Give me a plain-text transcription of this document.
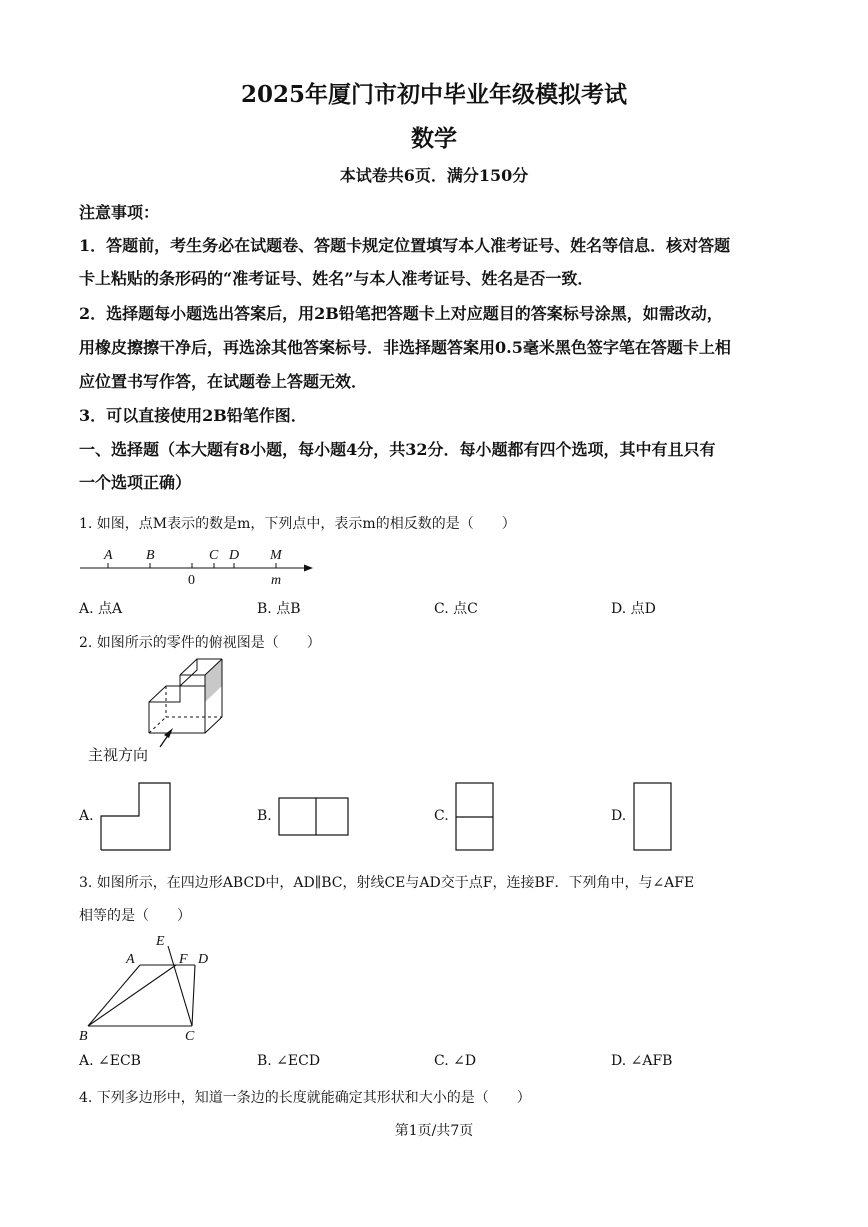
2025年厦门市初中毕业年级模拟考试
数学
本试卷共6页．满分150分
注意事项：
1．答题前，考生务必在试题卷、答题卡规定位置填写本人准考证号、姓名等信息．核对答题
卡上粘贴的条形码的“准考证号、姓名”与本人准考证号、姓名是否一致．
2．选择题每小题选出答案后，用2B铅笔把答题卡上对应题目的答案标号涂黑，如需改动，
用橡皮擦擦干净后，再选涂其他答案标号．非选择题答案用0.5毫米黑色签字笔在答题卡上相
应位置书写作答，在试题卷上答题无效．
3．可以直接使用2B铅笔作图．
一、选择题（本大题有8小题，每小题4分，共32分．每小题都有四个选项，其中有且只有
一个选项正确）
1. 如图，点M表示的数是m，下列点中，表示m的相反数的是（　　）
A B	C D M
0	m
A. 点A	B. 点B	C. 点C	D. 点D
2. 如图所示的零件的俯视图是（　　）
主视方向
A.	B.	C.	D.
3. 如图所示，在四边形ABCD中，AD∥BC，射线CE与AD交于点F，连接BF．下列角中，与∠AFE
相等的是（　　）
A	D
F
E
B	C
A. ∠ECB	B. ∠ECD	C. ∠D	D. ∠AFB
4. 下列多边形中，知道一条边的长度就能确定其形状和大小的是（　　）
第1页/共7页
